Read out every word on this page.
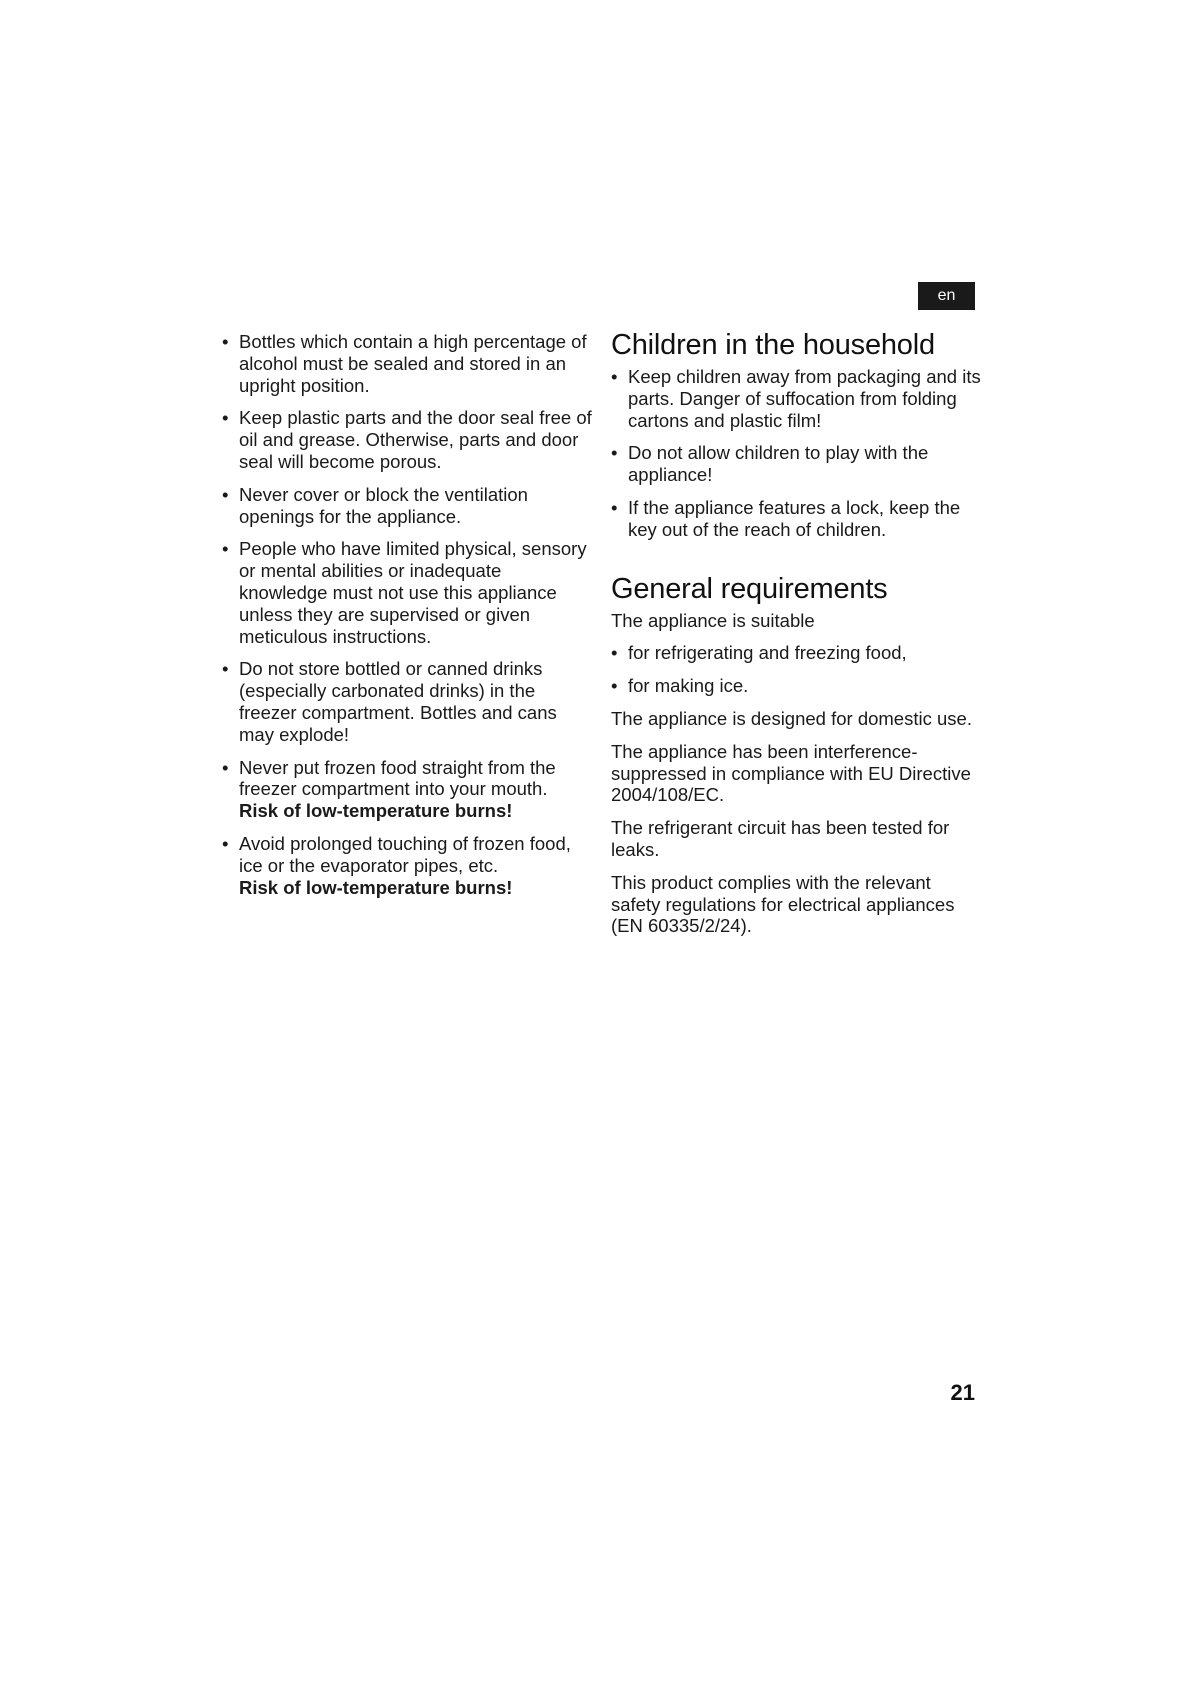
en
• Bottles which contain a high percentage of alcohol must be sealed and stored in an upright position.
• Keep plastic parts and the door seal free of oil and grease. Otherwise, parts and door seal will become porous.
• Never cover or block the ventilation openings for the appliance.
• People who have limited physical, sensory or mental abilities or inadequate knowledge must not use this appliance unless they are supervised or given meticulous instructions.
• Do not store bottled or canned drinks (especially carbonated drinks) in the freezer compartment. Bottles and cans may explode!
• Never put frozen food straight from the freezer compartment into your mouth.
Risk of low-temperature burns!
• Avoid prolonged touching of frozen food, ice or the evaporator pipes, etc.
Risk of low-temperature burns!
Children in the household
• Keep children away from packaging and its parts. Danger of suffocation from folding cartons and plastic film!
• Do not allow children to play with the appliance!
• If the appliance features a lock, keep the key out of the reach of children.
General requirements

The appliance is suitable

• for refrigerating and freezing food,
• for making ice.

The appliance is designed for domestic use.

The appliance has been interference-suppressed in compliance with EU Directive 2004/108/EC.

The refrigerant circuit has been tested for leaks.

This product complies with the relevant safety regulations for electrical appliances (EN 60335/2/24).

21
